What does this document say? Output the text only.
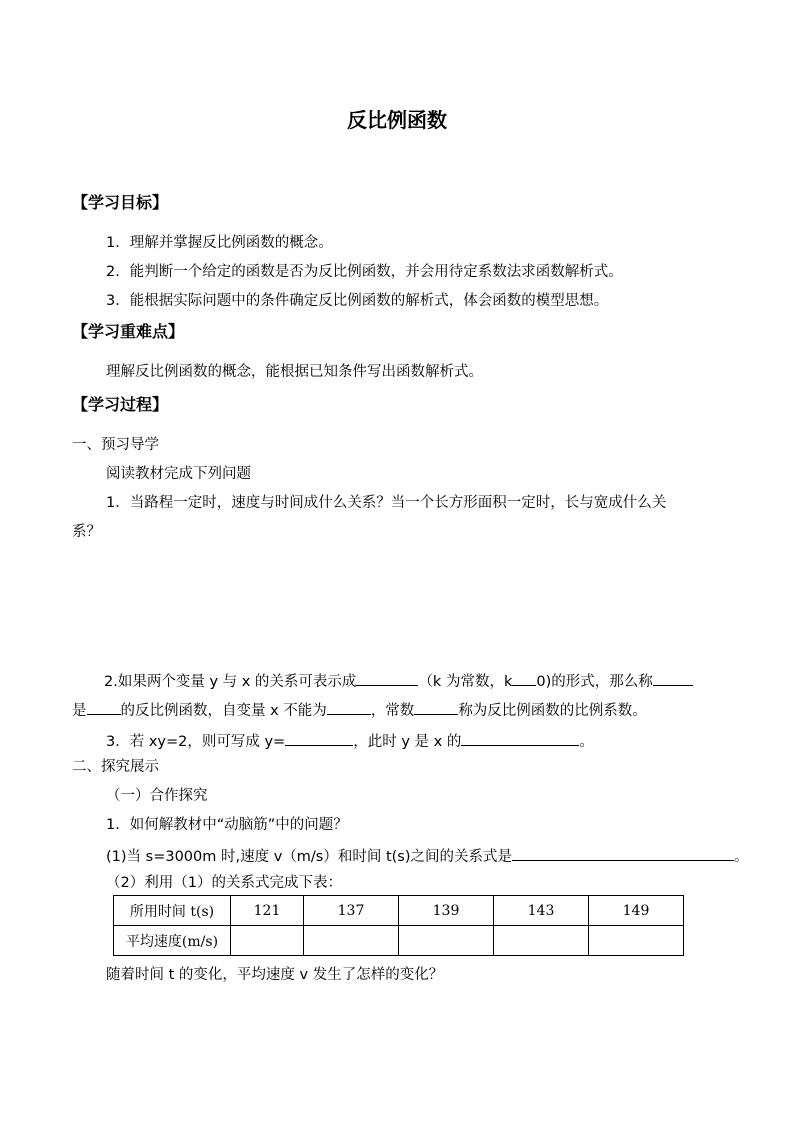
反比例函数
【学习目标】
1．理解并掌握反比例函数的概念。
2．能判断一个给定的函数是否为反比例函数，并会用待定系数法求函数解析式。
3．能根据实际问题中的条件确定反比例函数的解析式，体会函数的模型思想。
【学习重难点】
理解反比例函数的概念，能根据已知条件写出函数解析式。
【学习过程】
一、预习导学
阅读教材完成下列问题
1．当路程一定时，速度与时间成什么关系？当一个长方形面积一定时，长与宽成什么关
系？
2.如果两个变量 y 与 x 的关系可表示成	（k 为常数，k 0)的形式，那么称
是 的反比例函数，自变量 x 不能为	，常数	称为反比例函数的比例系数。
3．若 xy=2，则可写成 y=	，此时 y 是 x 的	。
二、探究展示
（一）合作探究
1．如何解教材中“动脑筋”中的问题？
(1)当 s=3000m 时,速度 v（m/s）和时间 t(s)之间的关系式是	。
（2）利用（1）的关系式完成下表：
所用时间 t(s)	121	137	139	143	149
平均速度(m/s)					
随着时间 t 的变化，平均速度 v 发生了怎样的变化？
